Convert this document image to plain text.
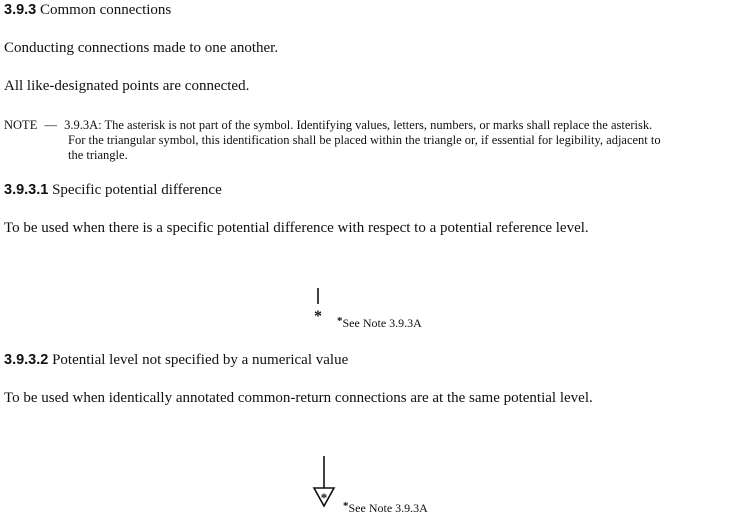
3.9.3 Common connections
Conducting connections made to one another.
All like-designated points are connected.
NOTE — 3.9.3A: The asterisk is not part of the symbol. Identifying values, letters, numbers, or marks shall replace the asterisk.
For the triangular symbol, this identification shall be placed within the triangle or, if essential for legibility, adjacent to
the triangle.
3.9.3.1 Specific potential difference
To be used when there is a specific potential difference with respect to a potential reference level.
* *See Note 3.9.3A
3.9.3.2 Potential level not specified by a numerical value
To be used when identically annotated common-return connections are at the same potential level.
*
*See Note 3.9.3A
